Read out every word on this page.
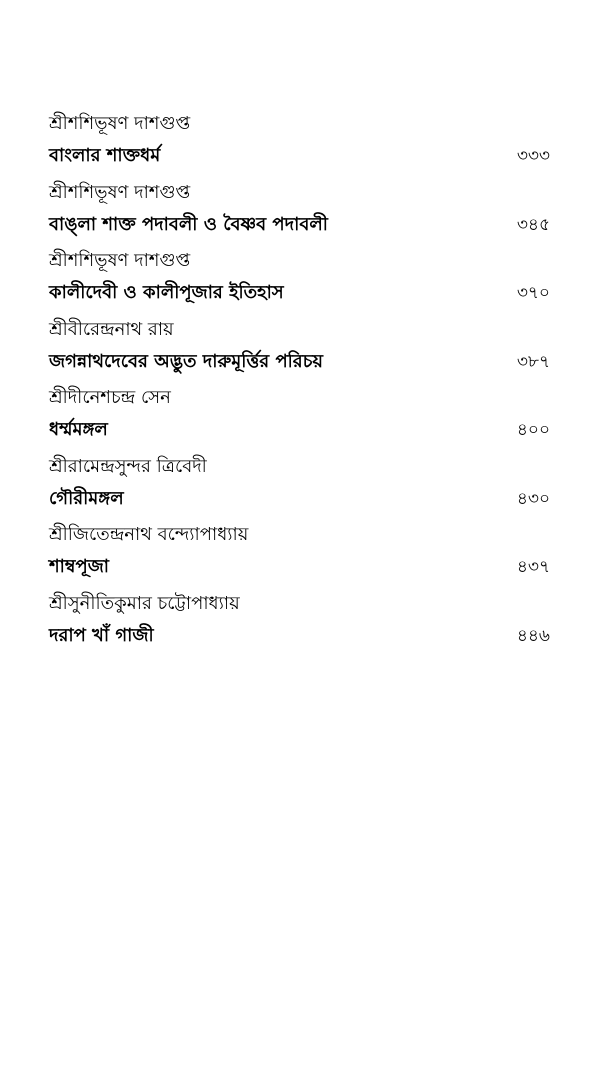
শ্রীশশিভূষণ দাশগুপ্ত
বাংলার শাক্তধর্ম	৩৩৩
শ্রীশশিভূষণ দাশগুপ্ত
বাঙ্লা শাক্ত পদাবলী ও বৈষ্ণব পদাবলী	৩৪৫
শ্রীশশিভূষণ দাশগুপ্ত
কালীদেবী ও কালীপূজার ইতিহাস	৩৭০
শ্রীবীরেন্দ্রনাথ রায়
জগন্নাথদেবের অদ্ভুত দারুমূর্ত্তির পরিচয়	৩৮৭
শ্রীদীনেশচন্দ্র সেন
ধৰ্ম্মমঙ্গল	৪০০
শ্রীরামেন্দ্রসুন্দর ত্রিবেদী
গৌরীমঙ্গল	৪৩০
শ্রীজিতেন্দ্রনাথ বন্দ্যোপাধ্যায়
শাম্বপূজা	৪৩৭
শ্রীসুনীতিকুমার চট্টোপাধ্যায়
দরাপ খাঁ গাজী	৪৪৬
